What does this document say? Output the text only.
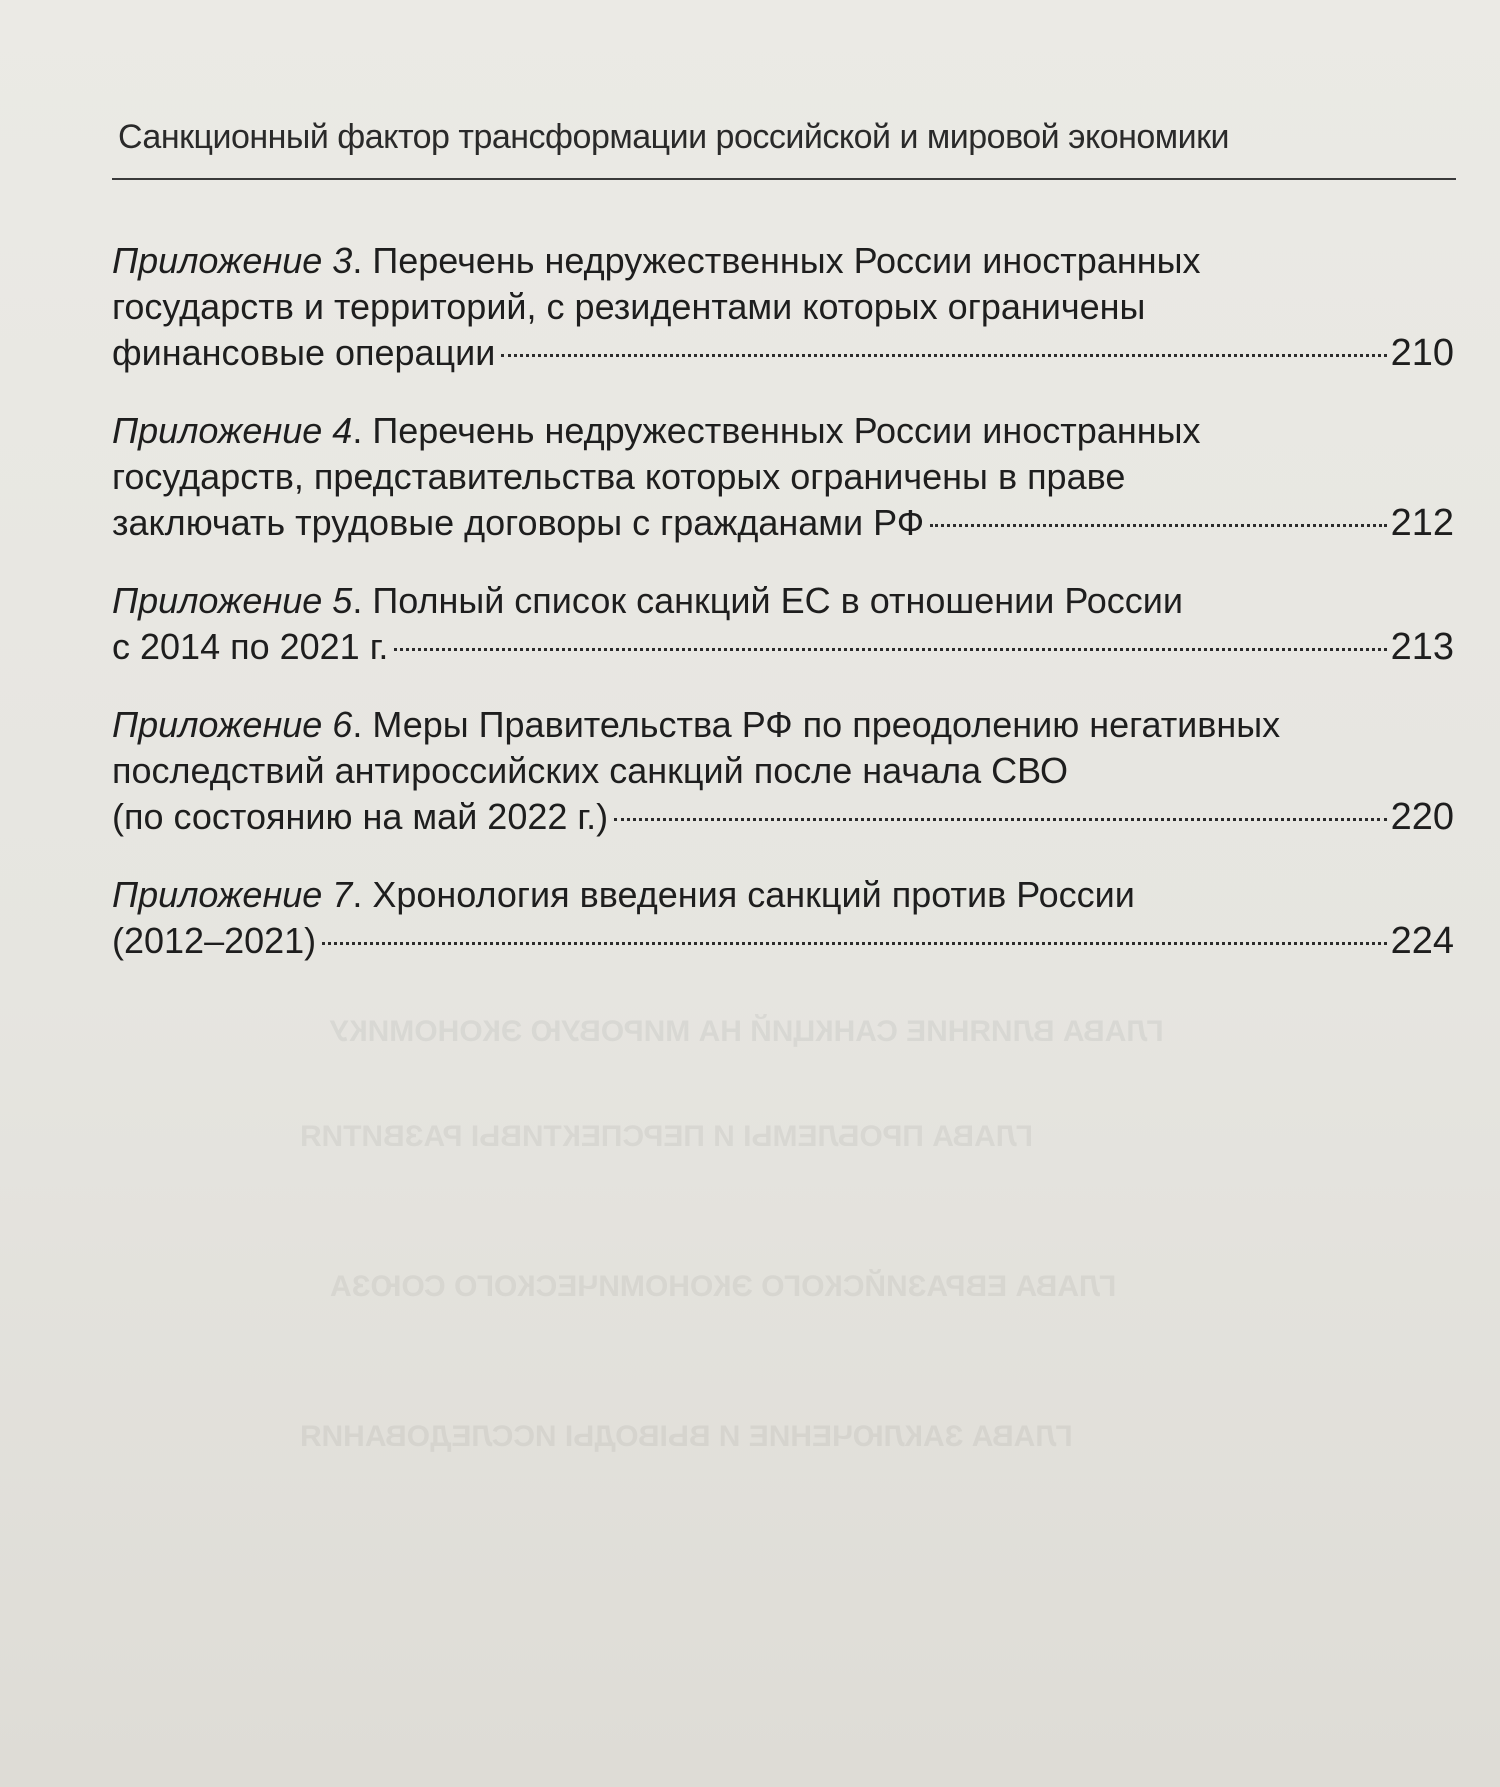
ГЛАВА ВЛИЯНИЕ САНКЦИЙ НА МИРОВУЮ ЭКОНОМИКУ
ГЛАВА ПРОБЛЕМЫ И ПЕРСПЕКТИВЫ РАЗВИТИЯ
ГЛАВА ЕВРАЗИЙСКОГО ЭКОНОМИЧЕСКОГО СОЮЗА
ГЛАВА ЗАКЛЮЧЕНИЕ И ВЫВОДЫ ИССЛЕДОВАНИЯ
Санкционный фактор трансформации российской и мировой экономики
Приложение 3. Перечень недружественных России иностранных
государств и территорий, с резидентами которых ограничены
финансовые операции	210
Приложение 4. Перечень недружественных России иностранных
государств, представительства которых ограничены в праве
заключать трудовые договоры с гражданами РФ	212
Приложение 5. Полный список санкций ЕС в отношении России
с 2014 по 2021 г.	213
Приложение 6. Меры Правительства РФ по преодолению негативных
последствий антироссийских санкций после начала СВО
(по состоянию на май 2022 г.)	220
Приложение 7. Хронология введения санкций против России
(2012–2021)	224
